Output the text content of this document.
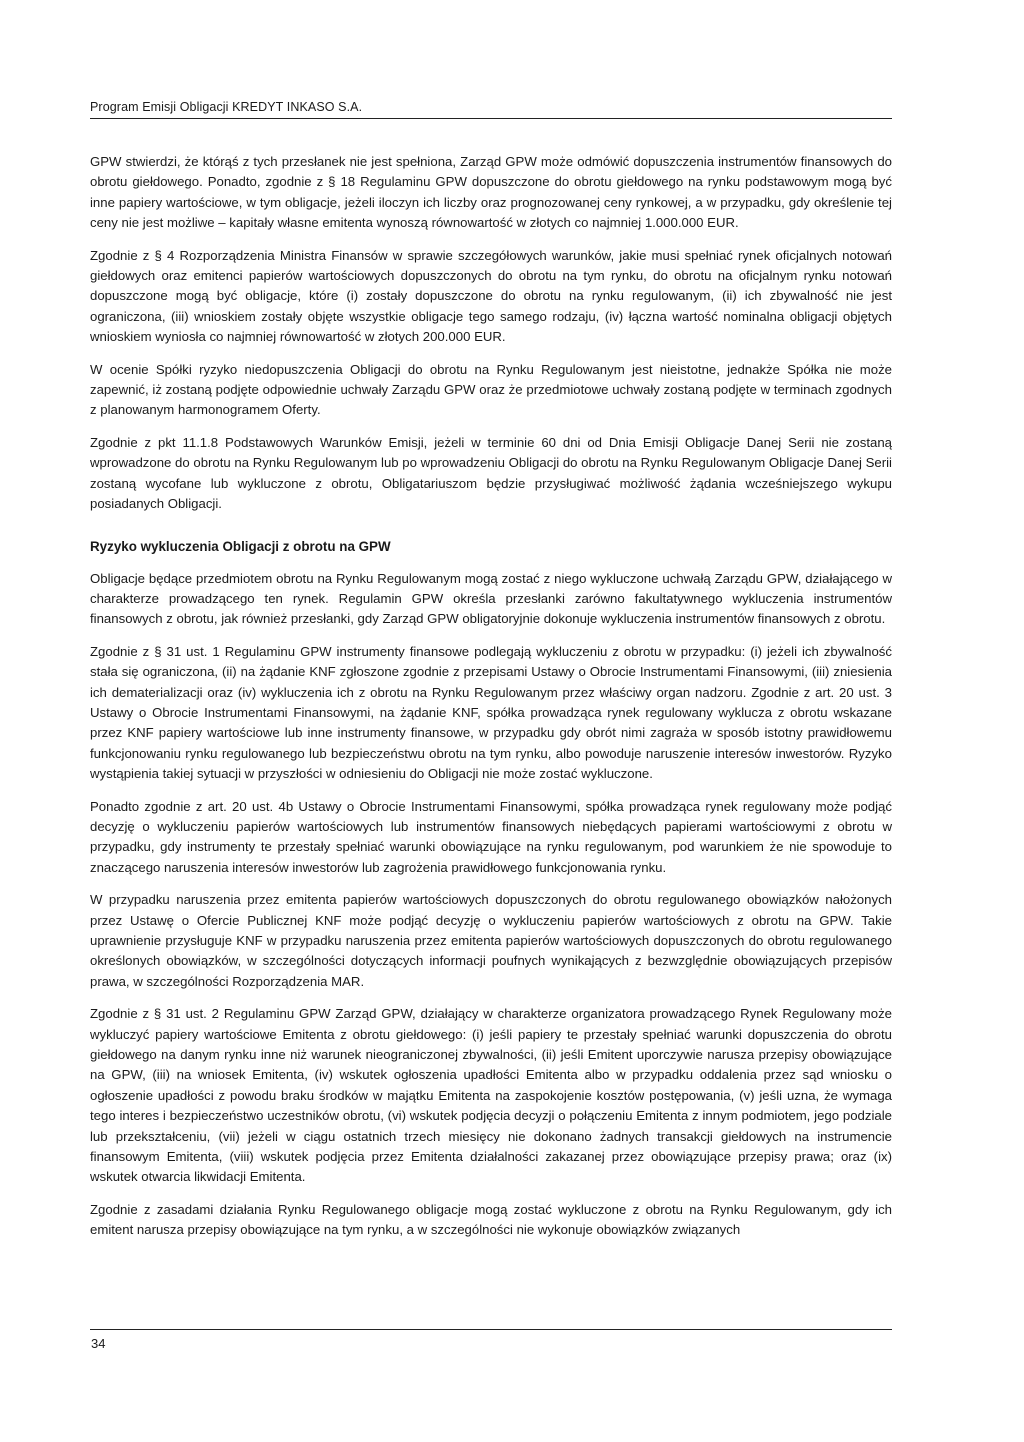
Program Emisji Obligacji KREDYT INKASO S.A.

GPW stwierdzi, że którąś z tych przesłanek nie jest spełniona, Zarząd GPW może odmówić dopuszczenia instrumentów finansowych do obrotu giełdowego. Ponadto, zgodnie z § 18 Regulaminu GPW dopuszczone do obrotu giełdowego na rynku podstawowym mogą być inne papiery wartościowe, w tym obligacje, jeżeli iloczyn ich liczby oraz prognozowanej ceny rynkowej, a w przypadku, gdy określenie tej ceny nie jest możliwe – kapitały własne emitenta wynoszą równowartość w złotych co najmniej 1.000.000 EUR.

Zgodnie z § 4 Rozporządzenia Ministra Finansów w sprawie szczegółowych warunków, jakie musi spełniać rynek oficjalnych notowań giełdowych oraz emitenci papierów wartościowych dopuszczonych do obrotu na tym rynku, do obrotu na oficjalnym rynku notowań dopuszczone mogą być obligacje, które (i) zostały dopuszczone do obrotu na rynku regulowanym, (ii) ich zbywalność nie jest ograniczona, (iii) wnioskiem zostały objęte wszystkie obligacje tego samego rodzaju, (iv) łączna wartość nominalna obligacji objętych wnioskiem wyniosła co najmniej równowartość w złotych 200.000 EUR.

W ocenie Spółki ryzyko niedopuszczenia Obligacji do obrotu na Rynku Regulowanym jest nieistotne, jednakże Spółka nie może zapewnić, iż zostaną podjęte odpowiednie uchwały Zarządu GPW oraz że przedmiotowe uchwały zostaną podjęte w terminach zgodnych z planowanym harmonogramem Oferty.

Zgodnie z pkt 11.1.8 Podstawowych Warunków Emisji, jeżeli w terminie 60 dni od Dnia Emisji Obligacje Danej Serii nie zostaną wprowadzone do obrotu na Rynku Regulowanym lub po wprowadzeniu Obligacji do obrotu na Rynku Regulowanym Obligacje Danej Serii zostaną wycofane lub wykluczone z obrotu, Obligatariuszom będzie przysługiwać możliwość żądania wcześniejszego wykupu posiadanych Obligacji.

Ryzyko wykluczenia Obligacji z obrotu na GPW

Obligacje będące przedmiotem obrotu na Rynku Regulowanym mogą zostać z niego wykluczone uchwałą Zarządu GPW, działającego w charakterze prowadzącego ten rynek. Regulamin GPW określa przesłanki zarówno fakultatywnego wykluczenia instrumentów finansowych z obrotu, jak również przesłanki, gdy Zarząd GPW obligatoryjnie dokonuje wykluczenia instrumentów finansowych z obrotu.

Zgodnie z § 31 ust. 1 Regulaminu GPW instrumenty finansowe podlegają wykluczeniu z obrotu w przypadku: (i) jeżeli ich zbywalność stała się ograniczona, (ii) na żądanie KNF zgłoszone zgodnie z przepisami Ustawy o Obrocie Instrumentami Finansowymi, (iii) zniesienia ich dematerializacji oraz (iv) wykluczenia ich z obrotu na Rynku Regulowanym przez właściwy organ nadzoru. Zgodnie z art. 20 ust. 3 Ustawy o Obrocie Instrumentami Finansowymi, na żądanie KNF, spółka prowadząca rynek regulowany wyklucza z obrotu wskazane przez KNF papiery wartościowe lub inne instrumenty finansowe, w przypadku gdy obrót nimi zagraża w sposób istotny prawidłowemu funkcjonowaniu rynku regulowanego lub bezpieczeństwu obrotu na tym rynku, albo powoduje naruszenie interesów inwestorów. Ryzyko wystąpienia takiej sytuacji w przyszłości w odniesieniu do Obligacji nie może zostać wykluczone.

Ponadto zgodnie z art. 20 ust. 4b Ustawy o Obrocie Instrumentami Finansowymi, spółka prowadząca rynek regulowany może podjąć decyzję o wykluczeniu papierów wartościowych lub instrumentów finansowych niebędących papierami wartościowymi z obrotu w przypadku, gdy instrumenty te przestały spełniać warunki obowiązujące na rynku regulowanym, pod warunkiem że nie spowoduje to znaczącego naruszenia interesów inwestorów lub zagrożenia prawidłowego funkcjonowania rynku.

W przypadku naruszenia przez emitenta papierów wartościowych dopuszczonych do obrotu regulowanego obowiązków nałożonych przez Ustawę o Ofercie Publicznej KNF może podjąć decyzję o wykluczeniu papierów wartościowych z obrotu na GPW. Takie uprawnienie przysługuje KNF w przypadku naruszenia przez emitenta papierów wartościowych dopuszczonych do obrotu regulowanego określonych obowiązków, w szczególności dotyczących informacji poufnych wynikających z bezwzględnie obowiązujących przepisów prawa, w szczególności Rozporządzenia MAR.

Zgodnie z § 31 ust. 2 Regulaminu GPW Zarząd GPW, działający w charakterze organizatora prowadzącego Rynek Regulowany może wykluczyć papiery wartościowe Emitenta z obrotu giełdowego: (i) jeśli papiery te przestały spełniać warunki dopuszczenia do obrotu giełdowego na danym rynku inne niż warunek nieograniczonej zbywalności, (ii) jeśli Emitent uporczywie narusza przepisy obowiązujące na GPW, (iii) na wniosek Emitenta, (iv) wskutek ogłoszenia upadłości Emitenta albo w przypadku oddalenia przez sąd wniosku o ogłoszenie upadłości z powodu braku środków w majątku Emitenta na zaspokojenie kosztów postępowania, (v) jeśli uzna, że wymaga tego interes i bezpieczeństwo uczestników obrotu, (vi) wskutek podjęcia decyzji o połączeniu Emitenta z innym podmiotem, jego podziale lub przekształceniu, (vii) jeżeli w ciągu ostatnich trzech miesięcy nie dokonano żadnych transakcji giełdowych na instrumencie finansowym Emitenta, (viii) wskutek podjęcia przez Emitenta działalności zakazanej przez obowiązujące przepisy prawa; oraz (ix) wskutek otwarcia likwidacji Emitenta.

Zgodnie z zasadami działania Rynku Regulowanego obligacje mogą zostać wykluczone z obrotu na Rynku Regulowanym, gdy ich emitent narusza przepisy obowiązujące na tym rynku, a w szczególności nie wykonuje obowiązków związanych

34
